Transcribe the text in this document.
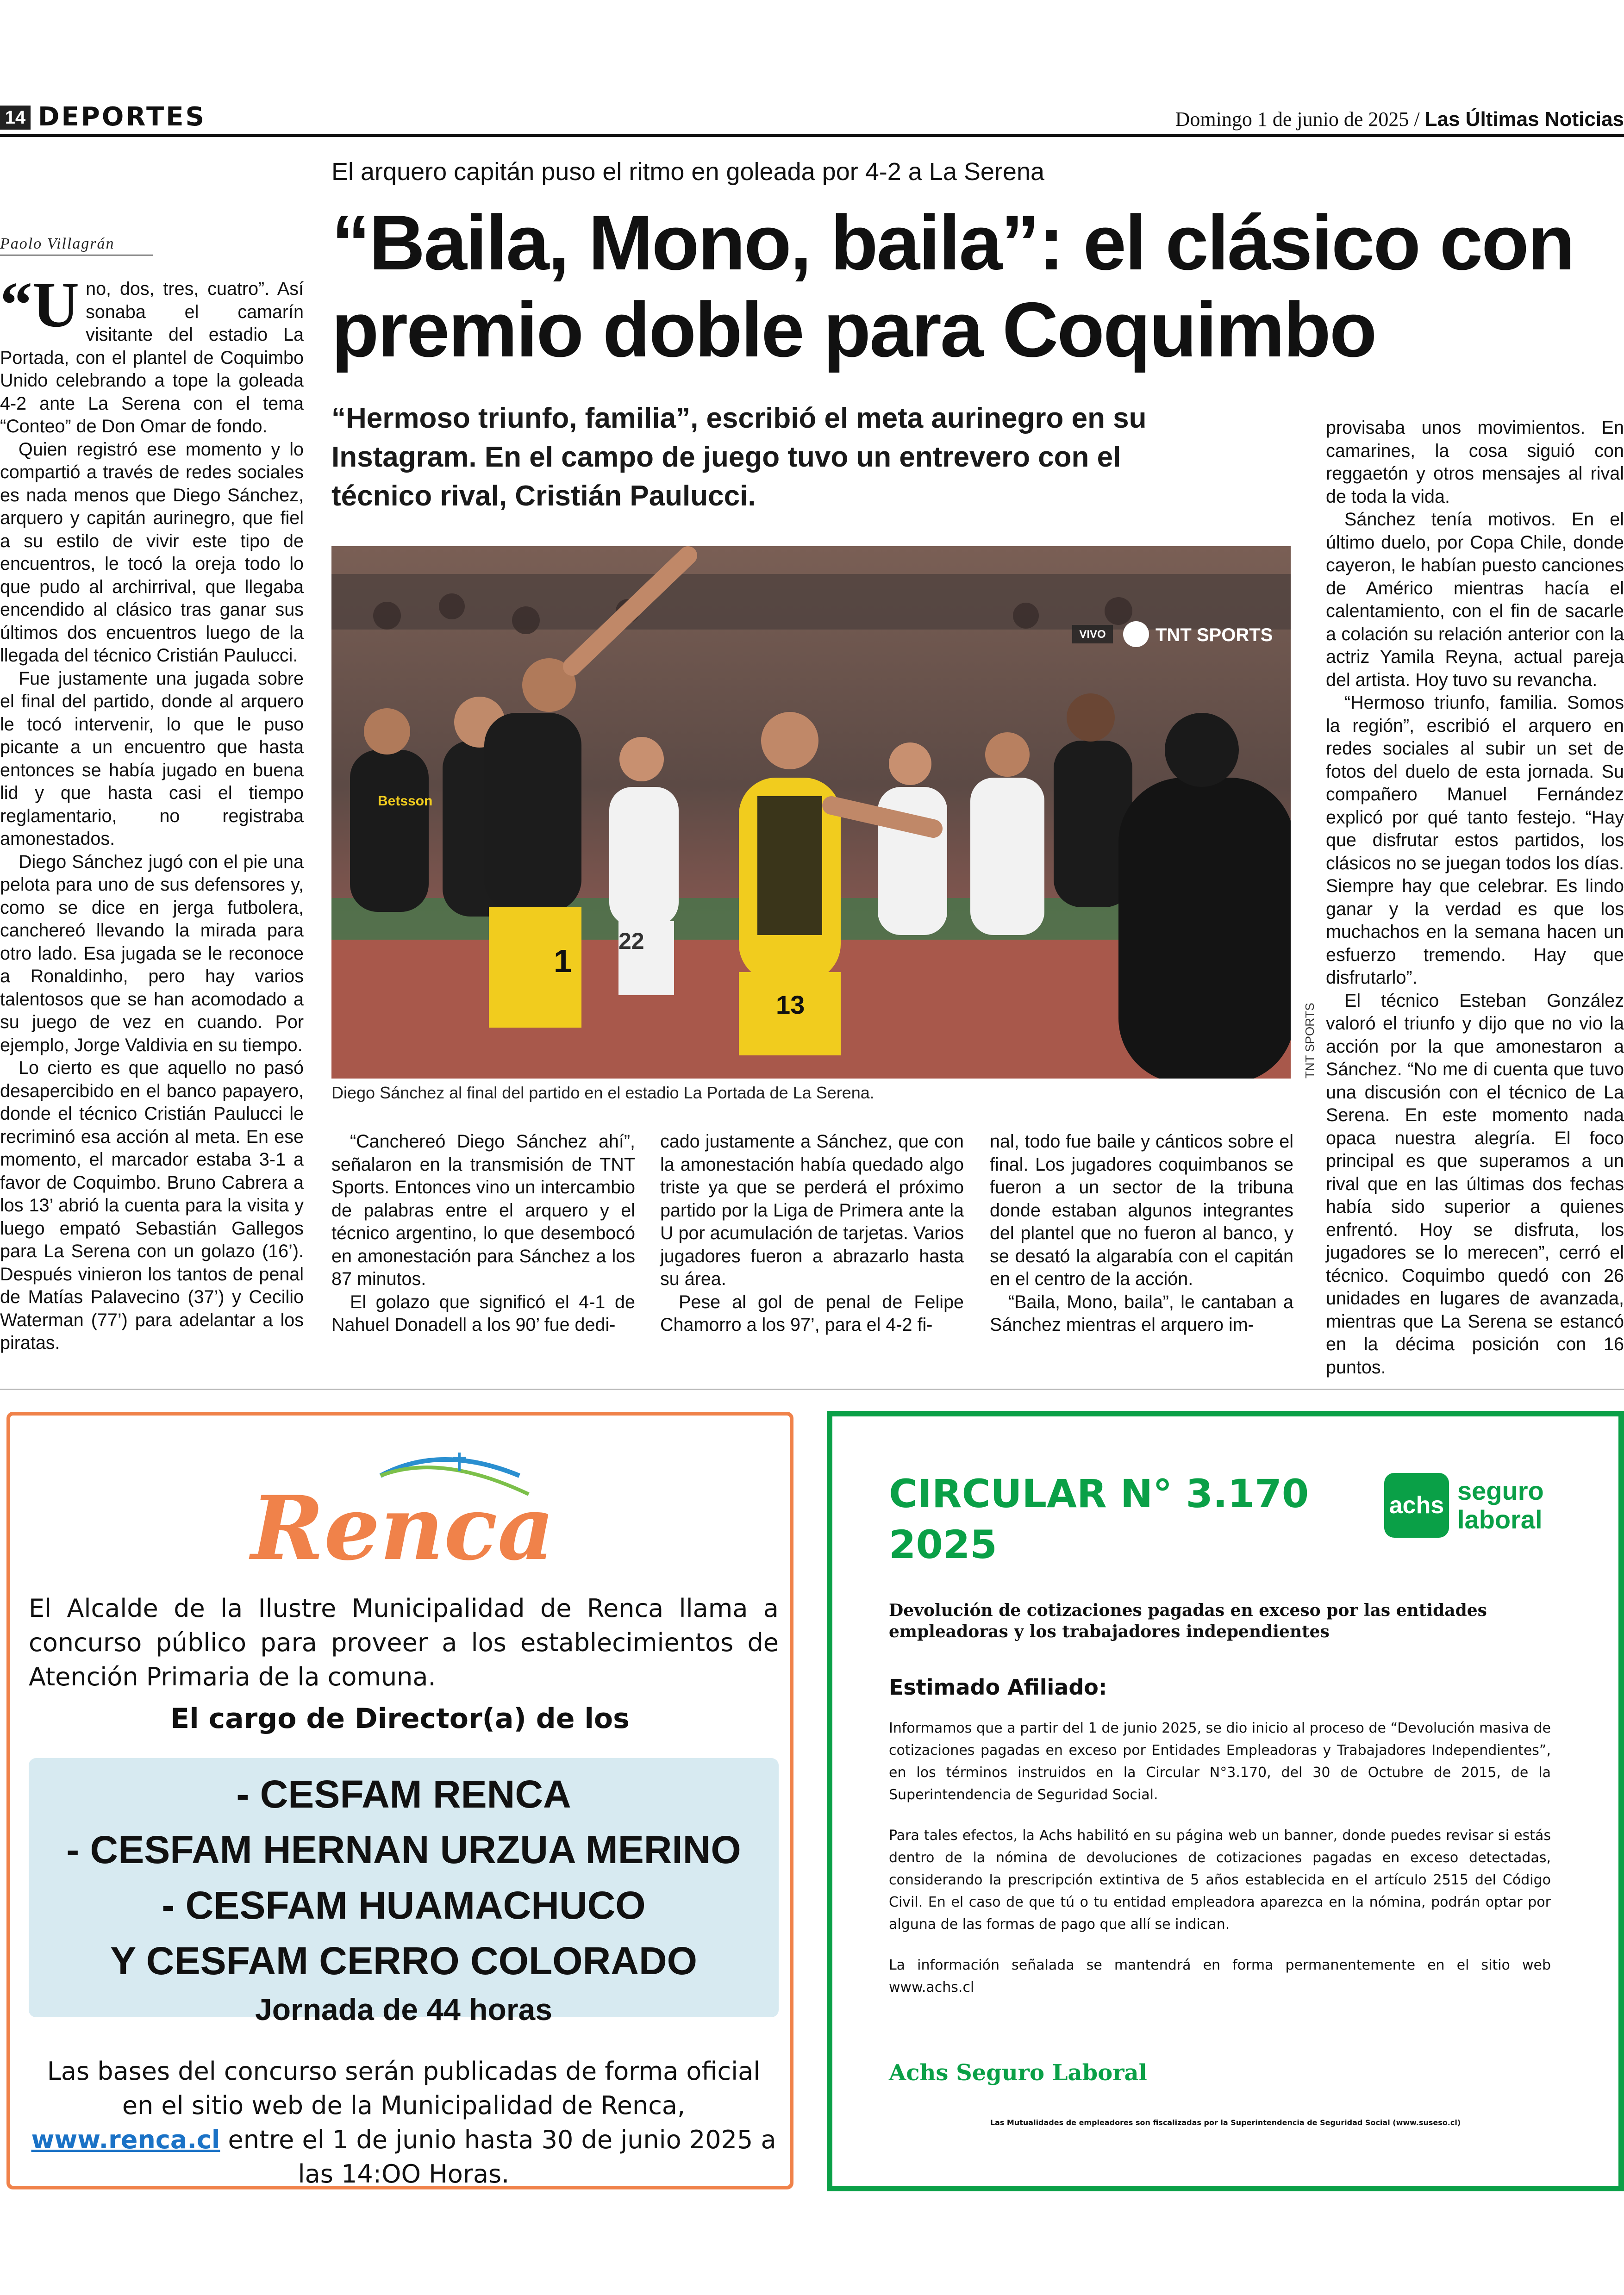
14 DEPORTES	Domingo 1 de junio de 2025 / Las Últimas Noticias
El arquero capitán puso el ritmo en goleada por 4-2 a La Serena
“Baila, Mono, baila”: el clásico con premio doble para Coquimbo
“Hermoso triunfo, familia”, escribió el meta aurinegro en su Instagram. En el campo de juego tuvo un entrevero con el técnico rival, Cristián Paulucci.
Paolo Villagrán

“Uno, dos, tres, cuatro”. Así sonaba el camarín visitante del estadio La Portada, con el plantel de Coquimbo Unido celebrando a tope la goleada 4-2 ante La Serena con el tema “Conteo” de Don Omar de fondo.

Quien registró ese momento y lo compartió a través de redes sociales es nada menos que Diego Sánchez, arquero y capitán aurinegro, que fiel a su estilo de vivir este tipo de encuentros, le tocó la oreja todo lo que pudo al archirrival, que llegaba encendido al clásico tras ganar sus últimos dos encuentros luego de la llegada del técnico Cristián Paulucci.

Fue justamente una jugada sobre el final del partido, donde al arquero le tocó intervenir, lo que le puso picante a un encuentro que hasta entonces se había jugado en buena lid y que hasta casi el tiempo reglamentario, no registraba amonestados.

Diego Sánchez jugó con el pie una pelota para uno de sus defensores y, como se dice en jerga futbolera, canchereó llevando la mirada para otro lado. Esa jugada se le reconoce a Ronaldinho, pero hay varios talentosos que se han acomodado a su juego de vez en cuando. Por ejemplo, Jorge Valdivia en su tiempo.

Lo cierto es que aquello no pasó desapercibido en el banco papayero, donde el técnico Cristián Paulucci le recriminó esa acción al meta. En ese momento, el marcador estaba 3-1 a favor de Coquimbo. Bruno Cabrera a los 13’ abrió la cuenta para la visita y luego empató Sebastián Gallegos para La Serena con un golazo (16’). Después vinieron los tantos de penal de Matías Palavecino (37’) y Cecilio Waterman (77’) para adelantar a los piratas.

VIVO	TNT SPORTS
Betsson
1
13
22
TNT SPORTS
Diego Sánchez al final del partido en el estadio La Portada de La Serena.

provisaba unos movimientos. En camarines, la cosa siguió con reggaetón y otros mensajes al rival de toda la vida.

Sánchez tenía motivos. En el último duelo, por Copa Chile, donde cayeron, le habían puesto canciones de Américo mientras hacía el calentamiento, con el fin de sacarle a colación su relación anterior con la actriz Yamila Reyna, actual pareja del artista. Hoy tuvo su revancha.

“Hermoso triunfo, familia. Somos la región”, escribió el arquero en redes sociales al subir un set de fotos del duelo de esta jornada. Su compañero Manuel Fernández explicó por qué tanto festejo. “Hay que disfrutar estos partidos, los clásicos no se juegan todos los días. Siempre hay que celebrar. Es lindo ganar y la verdad es que los muchachos en la semana hacen un esfuerzo tremendo. Hay que disfrutarlo”.

El técnico Esteban González valoró el triunfo y dijo que no vio la acción por la que amonestaron a Sánchez. “No me di cuenta que tuvo una discusión con el técnico de La Serena. En este momento nada opaca nuestra alegría. El foco principal es que superamos a un rival que en las últimas dos fechas había sido superior a quienes enfrentó. Hoy se disfruta, los jugadores se lo merecen”, cerró el técnico. Coquimbo quedó con 26 unidades en lugares de avanzada, mientras que La Serena se estancó en la décima posición con 16 puntos.

“Canchereó Diego Sánchez ahí”, señalaron en la transmisión de TNT Sports. Entonces vino un intercambio de palabras entre el arquero y el técnico argentino, lo que desembocó en amonestación para Sánchez a los 87 minutos.

El golazo que significó el 4-1 de Nahuel Donadell a los 90’ fue dedi-

cado justamente a Sánchez, que con la amonestación había quedado algo triste ya que se perderá el próximo partido por la Liga de Primera ante la U por acumulación de tarjetas. Varios jugadores fueron a abrazarlo hasta su área.

Pese al gol de penal de Felipe Chamorro a los 97’, para el 4-2 fi-

nal, todo fue baile y cánticos sobre el final. Los jugadores coquimbanos se fueron a un sector de la tribuna donde estaban algunos integrantes del plantel que no fueron al banco, y se desató la algarabía con el capitán en el centro de la acción.

“Baila, Mono, baila”, le cantaban a Sánchez mientras el arquero im-

Renca
El Alcalde de la Ilustre Municipalidad de Renca llama a concurso público para proveer a los establecimientos de Atención Primaria de la comuna.
El cargo de Director(a) de los
- CESFAM RENCA
- CESFAM HERNAN URZUA MERINO
- CESFAM HUAMACHUCO
Y CESFAM CERRO COLORADO
Jornada de 44 horas
Las bases del concurso serán publicadas de forma oficial en el sitio web de la Municipalidad de Renca, www.renca.cl entre el 1 de junio hasta 30 de junio 2025 a las 14:OO Horas.
CIRCULAR N° 3.170
2025
achs seguro
laboral
Devolución de cotizaciones pagadas en exceso por las entidades empleadoras y los trabajadores independientes
Estimado Afiliado:

Informamos que a partir del 1 de junio 2025, se dio inicio al proceso de “Devolución masiva de cotizaciones pagadas en exceso por Entidades Empleadoras y Trabajadores Independientes”, en los términos instruidos en la Circular N°3.170, del 30 de Octubre de 2015, de la Superintendencia de Seguridad Social.

Para tales efectos, la Achs habilitó en su página web un banner, donde puedes revisar si estás dentro de la nómina de devoluciones de cotizaciones pagadas en exceso detectadas, considerando la prescripción extintiva de 5 años establecida en el artículo 2515 del Código Civil. En el caso de que tú o tu entidad empleadora aparezca en la nómina, podrán optar por alguna de las formas de pago que allí se indican.

La información señalada se mantendrá en forma permanentemente en el sitio web www.achs.cl

Achs Seguro Laboral
Las Mutualidades de empleadores son fiscalizadas por la Superintendencia de Seguridad Social (www.suseso.cl)
